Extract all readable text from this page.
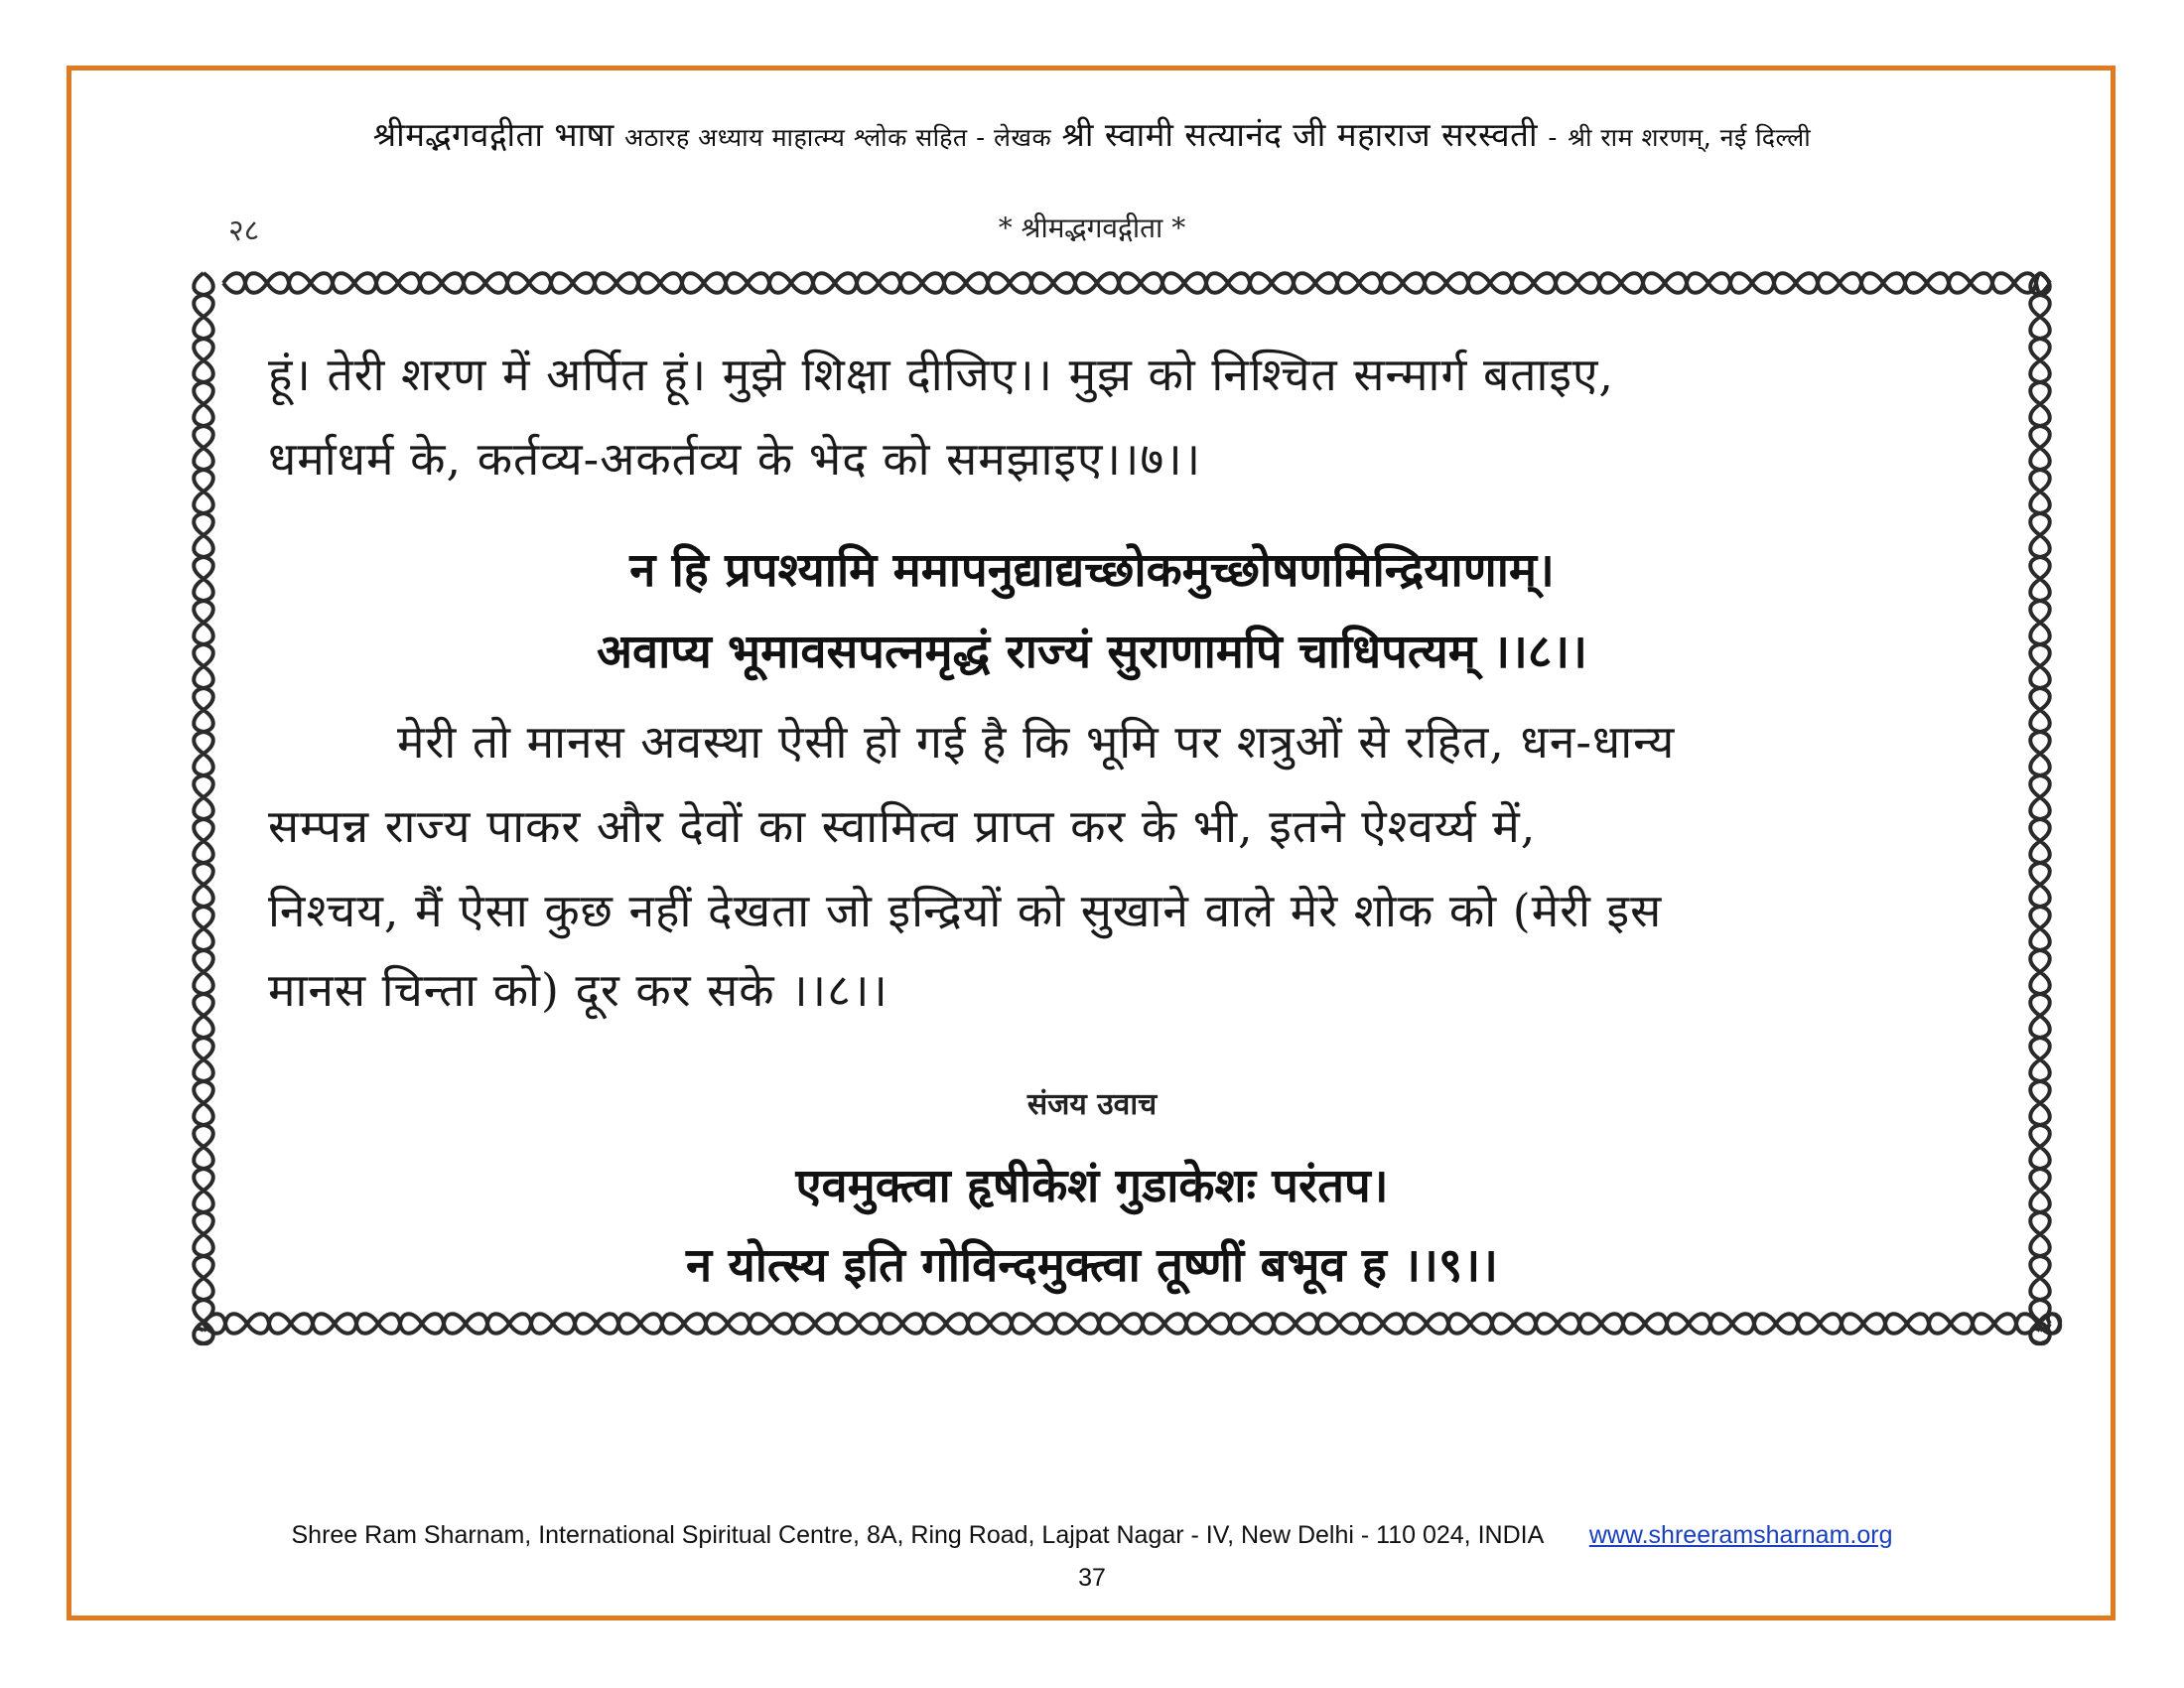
श्रीमद्भगवद्गीता भाषा अठारह अध्याय माहात्म्य श्लोक सहित - लेखक श्री स्वामी सत्यानंद जी महाराज सरस्वती - श्री राम शरणम्, नई दिल्ली
२८	* श्रीमद्भगवद्गीता *
हूं। तेरी शरण में अर्पित हूं। मुझे शिक्षा दीजिए।। मुझ को निश्चित सन्मार्ग बताइए,
धर्माधर्म के, कर्तव्य-अकर्तव्य के भेद को समझाइए।।७।।
न हि प्रपश्यामि ममापनुद्याद्यच्छोकमुच्छोषणमिन्द्रियाणाम्।
अवाप्य भूमावसपत्नमृद्धं राज्यं सुराणामपि चाधिपत्यम् ।।८।।
मेरी तो मानस अवस्था ऐसी हो गई है कि भूमि पर शत्रुओं से रहित, धन-धान्य
सम्पन्न राज्य पाकर और देवों का स्वामित्व प्राप्त कर के भी, इतने ऐश्वर्य्य में,
निश्चय, मैं ऐसा कुछ नहीं देखता जो इन्द्रियों को सुखाने वाले मेरे शोक को (मेरी इस
मानस चिन्ता को) दूर कर सके ।।८।।
संजय उवाच
एवमुक्त्वा हृषीकेशं गुडाकेशः परंतप।
न योत्स्य इति गोविन्दमुक्त्वा तूष्णीं बभूव ह ।।९।।
Shree Ram Sharnam, International Spiritual Centre, 8A, Ring Road, Lajpat Nagar - IV, New Delhi - 110 024, INDIA www.shreeramsharnam.org
37
